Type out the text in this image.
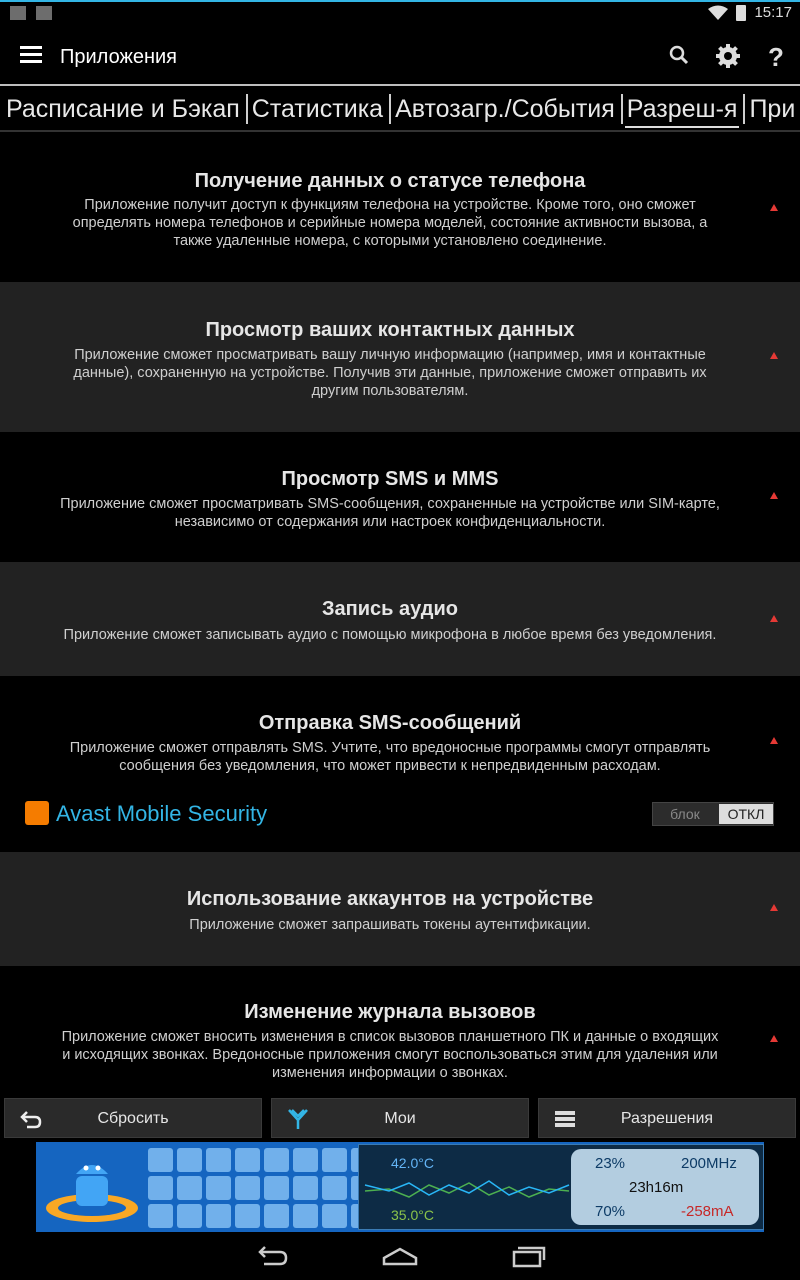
15:17
Приложения	?
Расписание и Бэкап Статистика Автозагр./События Разреш-я При
Получение данных о статусе телефона
Приложение получит доступ к функциям телефона на устройстве. Кроме того, оно сможет
определять номера телефонов и серийные номера моделей, состояние активности вызова, а
также удаленные номера, с которыми установлено соединение.
Просмотр ваших контактных данных
Приложение сможет просматривать вашу личную информацию (например, имя и контактные
данные), сохраненную на устройстве. Получив эти данные, приложение сможет отправить их
другим пользователям.
Просмотр SMS и MMS
Приложение сможет просматривать SMS-сообщения, сохраненные на устройстве или SIM-карте,
независимо от содержания или настроек конфиденциальности.
Запись аудио
Приложение сможет записывать аудио с помощью микрофона в любое время без уведомления.
Отправка SMS-сообщений
Приложение сможет отправлять SMS. Учтите, что вредоносные программы смогут отправлять
сообщения без уведомления, что может привести к непредвиденным расходам.
Avast Mobile Security	блок	ОТКЛ
Использование аккаунтов на устройстве
Приложение сможет запрашивать токены аутентификации.
Изменение журнала вызовов
Приложение сможет вносить изменения в список вызовов планшетного ПК и данные о входящих
и исходящих звонках. Вредоносные приложения смогут воспользоваться этим для удаления или
изменения информации о звонках.
Сбросить	Мои	Разрешения
42.0°C
35.0°C
23%	200MHz
23h16m
70%	-258mA
